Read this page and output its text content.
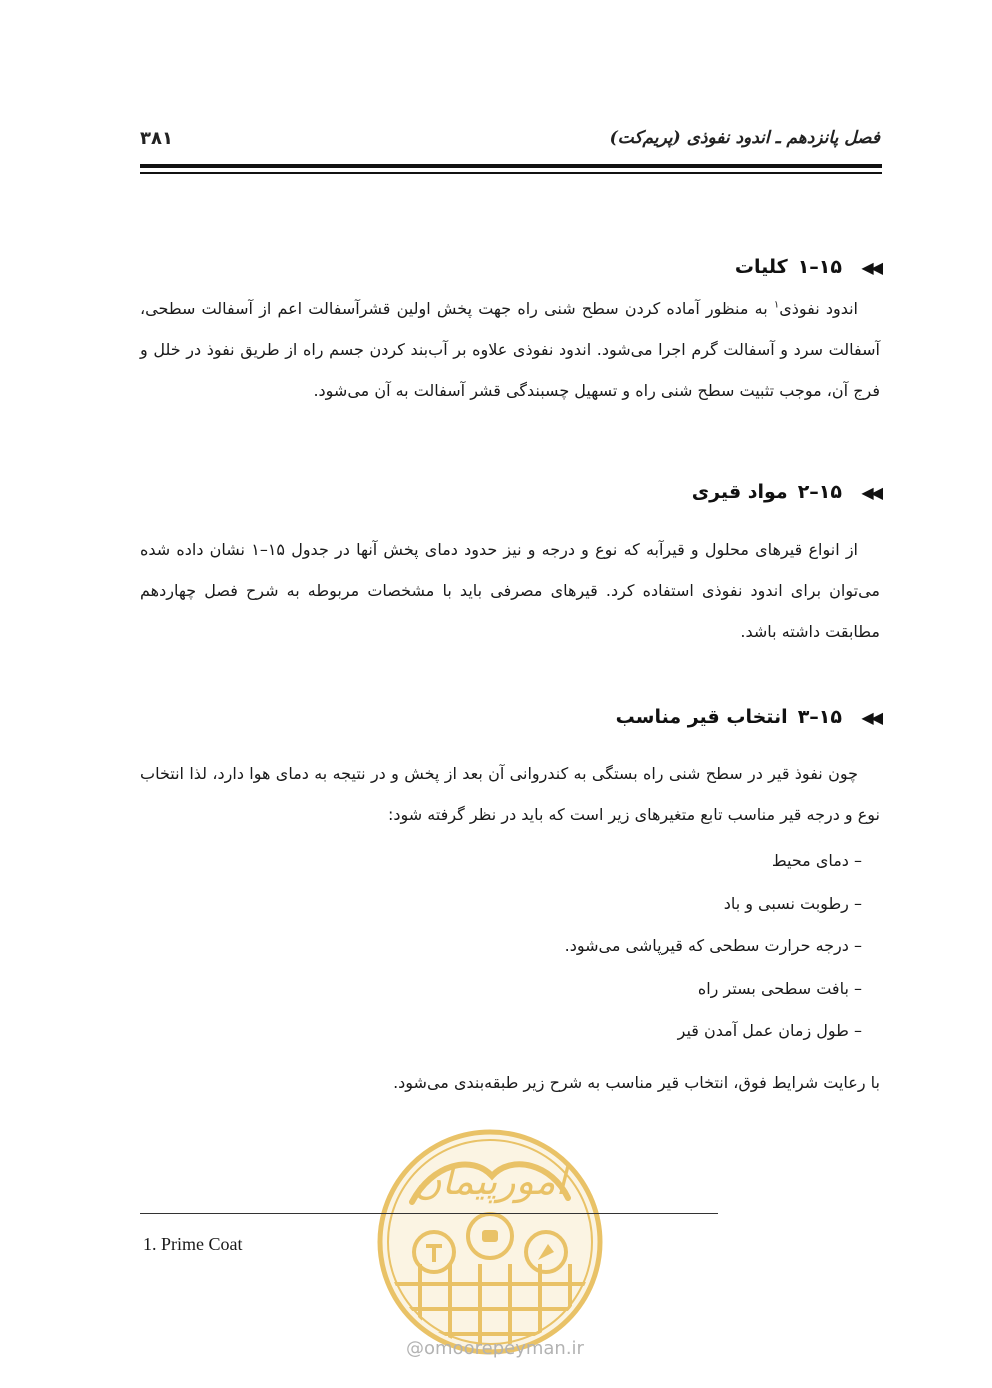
فصل پانزدهم ـ اندود نفوذی (پریم‌کت)
۳۸۱
◀◀
۱۵–۱
کلیات

اندود نفوذی$^۱$ به منظور آماده کردن سطح شنی راه جهت پخش اولین قشرآسفالت اعم از آسفالت سطحی، آسفالت سرد و آسفالت گرم اجرا می‌شود. اندود نفوذی علاوه بر آب‌بند کردن جسم راه از طریق نفوذ در خلل و فرج آن، موجب تثبیت سطح شنی راه و تسهیل چسبندگی قشر آسفالت به آن می‌شود.

◀◀
۱۵–۲
مواد قیری

از انواع قیرهای محلول و قیرآبه که نوع و درجه و نیز حدود دمای پخش آنها در جدول ۱۵–۱ نشان داده شده می‌توان برای اندود نفوذی استفاده کرد. قیرهای مصرفی باید با مشخصات مربوطه به شرح فصل چهاردهم مطابقت داشته باشد.

◀◀
۱۵–۳
انتخاب قیر مناسب

چون نفوذ قیر در سطح شنی راه بستگی به کندروانی آن بعد از پخش و در نتیجه به دمای هوا دارد، لذا انتخاب نوع و درجه قیر مناسب تابع متغیرهای زیر است که باید در نظر گرفته شود:

– دمای محیط
– رطوبت نسبی و باد
– درجه حرارت سطحی که قیرپاشی می‌شود.
– بافت سطحی بستر راه
– طول زمان عمل آمدن قیر
با رعایت شرایط فوق، انتخاب قیر مناسب به شرح زیر طبقه‌بندی می‌شود.
امورپیمان
@omoorepeyman.ir
1. Prime Coat
